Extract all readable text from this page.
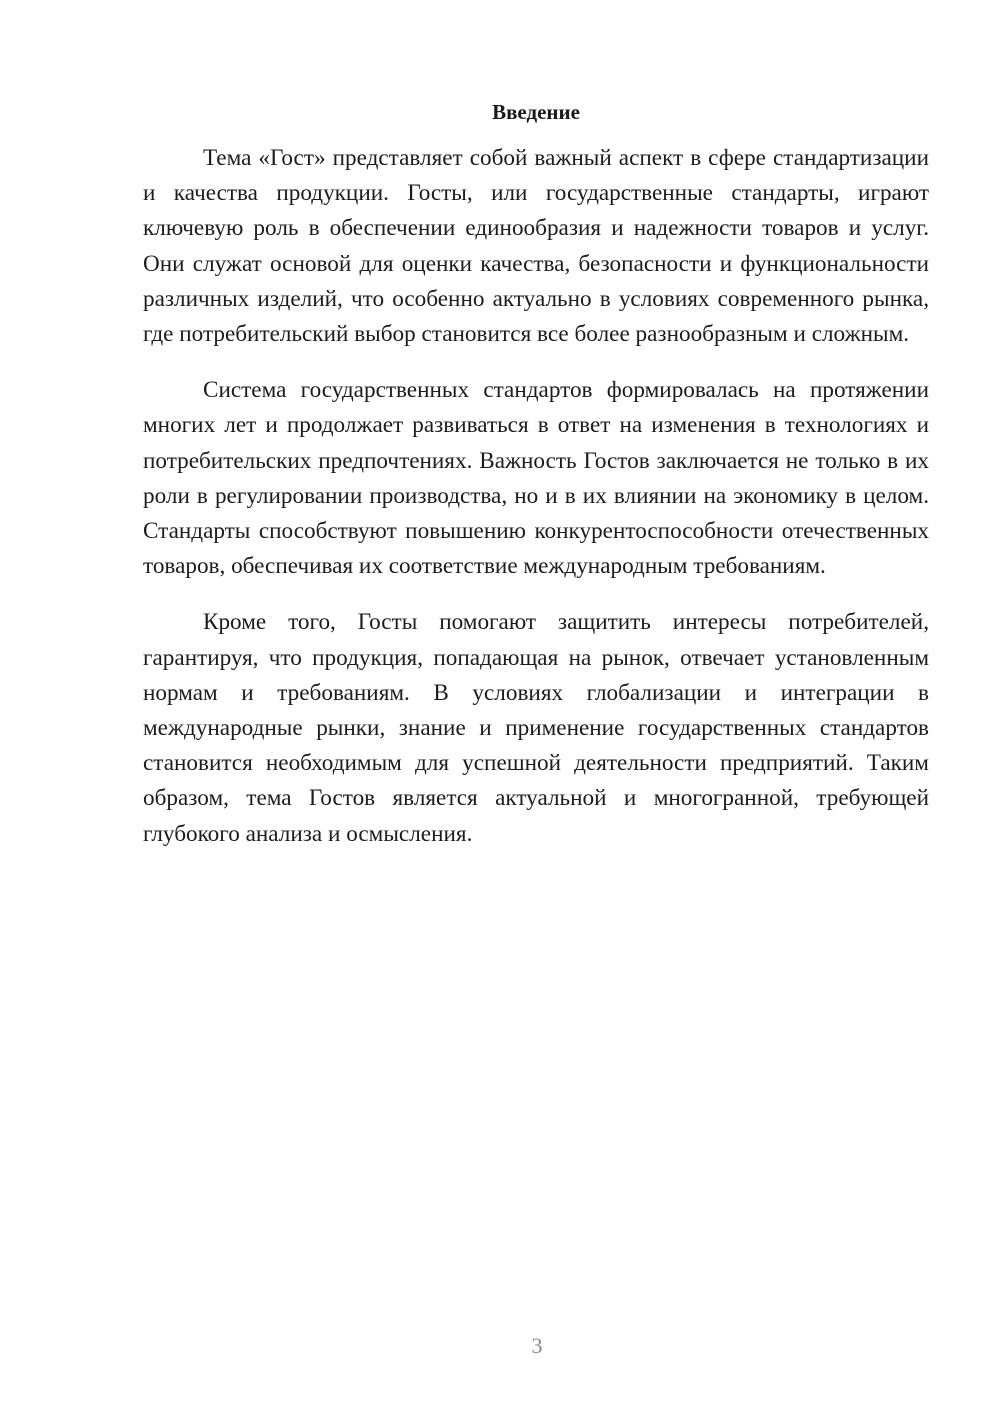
Введение

Тема «Гост» представляет собой важный аспект в сфере стандартизации и качества продукции. Госты, или государственные стандарты, играют ключевую роль в обеспечении единообразия и надежности товаров и услуг. Они служат основой для оценки качества, безопасности и функциональности различных изделий, что особенно актуально в условиях современного рынка, где потребительский выбор становится все более разнообразным и сложным.

Система государственных стандартов формировалась на протяжении многих лет и продолжает развиваться в ответ на изменения в технологиях и потребительских предпочтениях. Важность Гостов заключается не только в их роли в регулировании производства, но и в их влиянии на экономику в целом. Стандарты способствуют повышению конкурентоспособности отечественных товаров, обеспечивая их соответствие международным требованиям.

Кроме того, Госты помогают защитить интересы потребителей, гарантируя, что продукция, попадающая на рынок, отвечает установленным нормам и требованиям. В условиях глобализации и интеграции в международные рынки, знание и применение государственных стандартов становится необходимым для успешной деятельности предприятий. Таким образом, тема Гостов является актуальной и многогранной, требующей глубокого анализа и осмысления.

3
